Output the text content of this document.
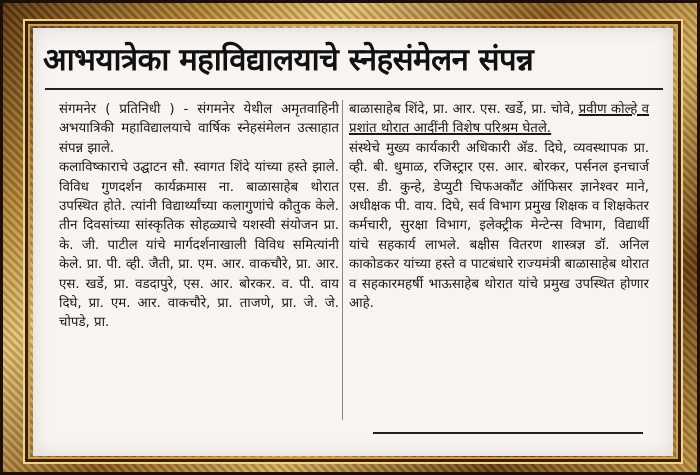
आभयात्रेका महाविद्यालयाचे स्नेहसंमेलन संपन्न

संगमनेर ( प्रतिनिधी ) - संगमनेर येथील अमृतवाहिनी अभयात्रिकी महाविद्यालयाचे वार्षिक स्नेहसंमेलन उत्साहात संपन्न झाले.

कलाविष्काराचे उद्घाटन सौ. स्वागत शिंदे यांच्या हस्ते झाले. विविध गुणदर्शन कार्यक्रमास ना. बाळासाहेब थोरात उपस्थित होते. त्यांनी विद्यार्थ्यांच्या कलागुणांचे कौतुक केले. तीन दिवसांच्या सांस्कृतिक सोहळ्याचे यशस्वी संयोजन प्रा. के. जी. पाटील यांचे मार्गदर्शनाखाली विविध समित्यांनी केले. प्रा. पी. व्ही. जैती, प्रा. एम. आर. वाकचौरे, प्रा. आर. एस. खर्डे, प्रा. वडदापुरे, एस. आर. बोरकर. व. पी. वाय दिघे, प्रा. एम. आर. वाकचौरे, प्रा. ताजणे, प्रा. जे. जे. चोपडे, प्रा.

बाळासाहेब शिंदे, प्रा. आर. एस. खर्डे, प्रा. चोवे, प्रवीण कोल्हे व प्रशांत थोरात आदींनी विशेष परिश्रम घेतले.

संस्थेचे मुख्य कार्यकारी अधिकारी ॲड. दिघे, व्यवस्थापक प्रा. व्ही. बी. धुमाळ, रजिस्ट्रार एस. आर. बोरकर, पर्सनल इनचार्ज एस. डी. कुन्हे, डेप्युटी चिफअकौंट ऑफिसर ज्ञानेश्वर माने, अधीक्षक पी. वाय. दिघे, सर्व विभाग प्रमुख शिक्षक व शिक्षकेतर कर्मचारी, सुरक्षा विभाग, इलेक्ट्रीक मेन्टेन्स विभाग, विद्यार्थी यांचे सहकार्य लाभले. बक्षीस वितरण शास्त्रज्ञ डॉ. अनिल काकोडकर यांच्या हस्ते व पाटबंधारे राज्यमंत्री बाळासाहेब थोरात व सहकारमहर्षी भाऊसाहेब थोरात यांचे प्रमुख उपस्थित होणार आहे.
